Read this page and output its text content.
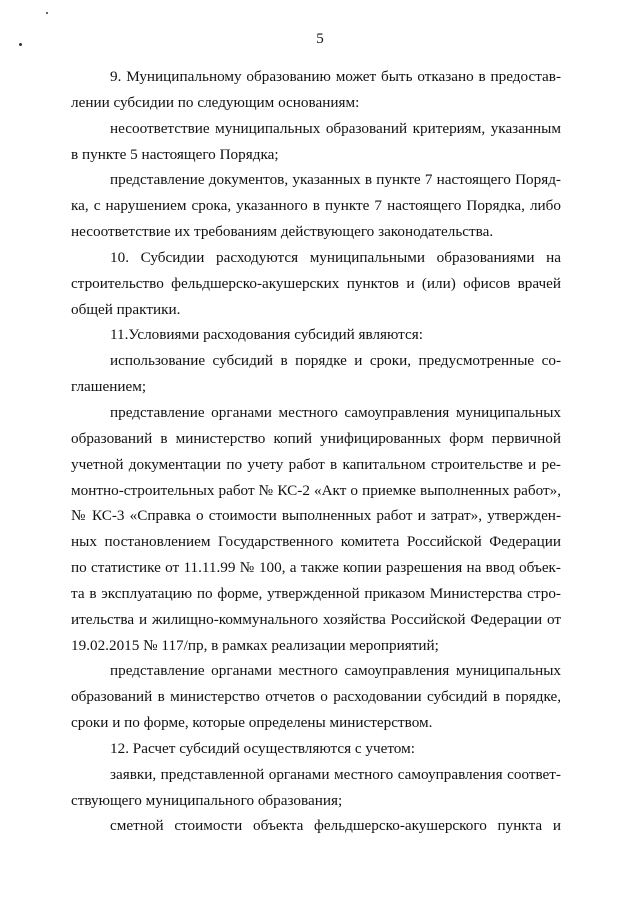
5
9. Муниципальному образованию может быть отказано в предостав-
лении субсидии по следующим основаниям:
несоответствие муниципальных образований критериям, указанным
в пункте 5 настоящего Порядка;
представление документов, указанных в пункте 7 настоящего Поряд-
ка, с нарушением срока, указанного в пункте 7 настоящего Порядка, либо
несоответствие их требованиям действующего законодательства.
10. Субсидии расходуются муниципальными образованиями на
строительство фельдшерско-акушерских пунктов и (или) офисов врачей
общей практики.
11.Условиями расходования субсидий являются:
использование субсидий в порядке и сроки, предусмотренные со-
глашением;
представление органами местного самоуправления муниципальных
образований в министерство копий унифицированных форм первичной
учетной документации по учету работ в капитальном строительстве и ре-
монтно-строительных работ № КС-2 «Акт о приемке выполненных работ»,
№ КС-3 «Справка о стоимости выполненных работ и затрат», утвержден-
ных постановлением Государственного комитета Российской Федерации
по статистике от 11.11.99 № 100, а также копии разрешения на ввод объек-
та в эксплуатацию по форме, утвержденной приказом Министерства стро-
ительства и жилищно-коммунального хозяйства Российской Федерации от
19.02.2015 № 117/пр, в рамках реализации мероприятий;
представление органами местного самоуправления муниципальных
образований в министерство отчетов о расходовании субсидий в порядке,
сроки и по форме, которые определены министерством.
12. Расчет субсидий осуществляются с учетом:
заявки, представленной органами местного самоуправления соответ-
ствующего муниципального образования;
сметной стоимости объекта фельдшерско-акушерского пункта и
